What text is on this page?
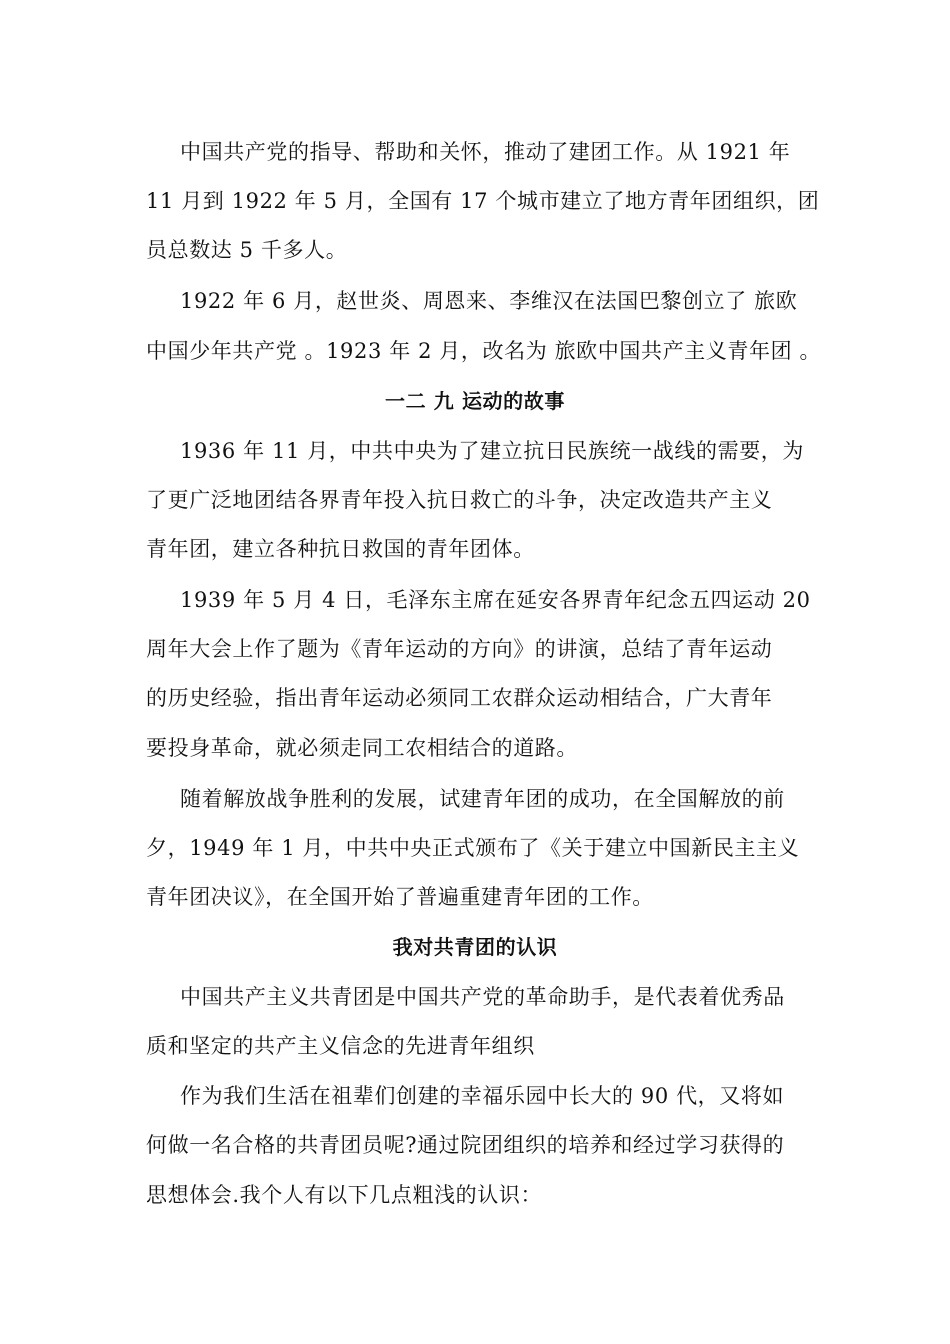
中国共产党的指导、帮助和关怀，推动了建团工作。从 1921 年
11 月到 1922 年 5 月，全国有 17 个城市建立了地方青年团组织，团
员总数达 5 千多人。
1922 年 6 月，赵世炎、周恩来、李维汉在法国巴黎创立了 旅欧
中国少年共产党 。1923 年 2 月，改名为 旅欧中国共产主义青年团 。
一二 九 运动的故事
1936 年 11 月，中共中央为了建立抗日民族统一战线的需要，为
了更广泛地团结各界青年投入抗日救亡的斗争，决定改造共产主义
青年团，建立各种抗日救国的青年团体。
1939 年 5 月 4 日，毛泽东主席在延安各界青年纪念五四运动 20
周年大会上作了题为《青年运动的方向》的讲演，总结了青年运动
的历史经验，指出青年运动必须同工农群众运动相结合，广大青年
要投身革命，就必须走同工农相结合的道路。
随着解放战争胜利的发展，试建青年团的成功，在全国解放的前
夕，1949 年 1 月，中共中央正式颁布了《关于建立中国新民主主义
青年团决议》，在全国开始了普遍重建青年团的工作。
我对共青团的认识
中国共产主义共青团是中国共产党的革命助手，是代表着优秀品
质和坚定的共产主义信念的先进青年组织
作为我们生活在祖辈们创建的幸福乐园中长大的 90 代，又将如
何做一名合格的共青团员呢?通过院团组织的培养和经过学习获得的
思想体会.我个人有以下几点粗浅的认识：
